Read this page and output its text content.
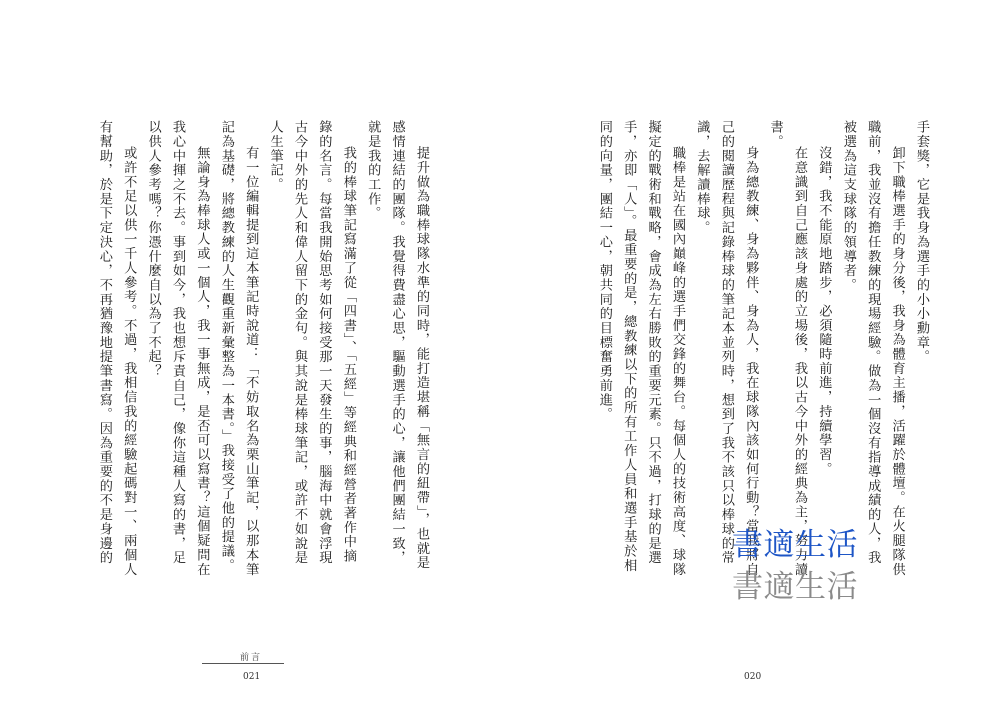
手套獎，它是我身為選手的小小勳章。
卸下職棒選手的身分後，我身為體育主播，活躍於體壇。在火腿隊供
職前，我並沒有擔任教練的現場經驗。做為一個沒有指導成績的人，我
被選為這支球隊的領導者。
沒錯，我不能原地踏步，必須隨時前進，持續學習。
在意識到自己應該身處的立場後，我以古今中外的經典為主，努力讀
書。
身為總教練、身為夥伴、身為人，我在球隊內該如何行動？當我將自
己的閱讀歷程與記錄棒球的筆記本並列時，想到了我不該只以棒球的常
識，去解讀棒球。
職棒是站在國內巔峰的選手們交鋒的舞台。每個人的技術高度、球隊
擬定的戰術和戰略，會成為左右勝敗的重要元素。只不過，打球的是選
手，亦即「人」。最重要的是，總教練以下的所有工作人員和選手基於相
同的向量，團結一心，朝共同的目標奮勇前進。
020
提升做為職棒球隊水準的同時，能打造堪稱「無言的紐帶」，也就是
感情連結的團隊。我覺得費盡心思，驅動選手的心，讓他們團結一致，
就是我的工作。
我的棒球筆記寫滿了從「四書」、「五經」等經典和經營者著作中摘
錄的名言。每當我開始思考如何接受那一天發生的事，腦海中就會浮現
古今中外的先人和偉人留下的金句。與其說是棒球筆記，或許不如說是
人生筆記。
有一位編輯提到這本筆記時說道：「不妨取名為栗山筆記，以那本筆
記為基礎，將總教練的人生觀重新彙整為一本書。」我接受了他的提議。
無論身為棒球人或一個人，我一事無成，是否可以寫書？這個疑問在
我心中揮之不去。事到如今，我也想斥責自己，像你這種人寫的書，足
以供人參考嗎？你憑什麼自以為了不起？
或許不足以供一千人參考。不過，我相信我的經驗起碼對一、兩個人
有幫助，於是下定決心，不再猶豫地提筆書寫。因為重要的不是身邊的
前言
021
書適生活
書適生活
